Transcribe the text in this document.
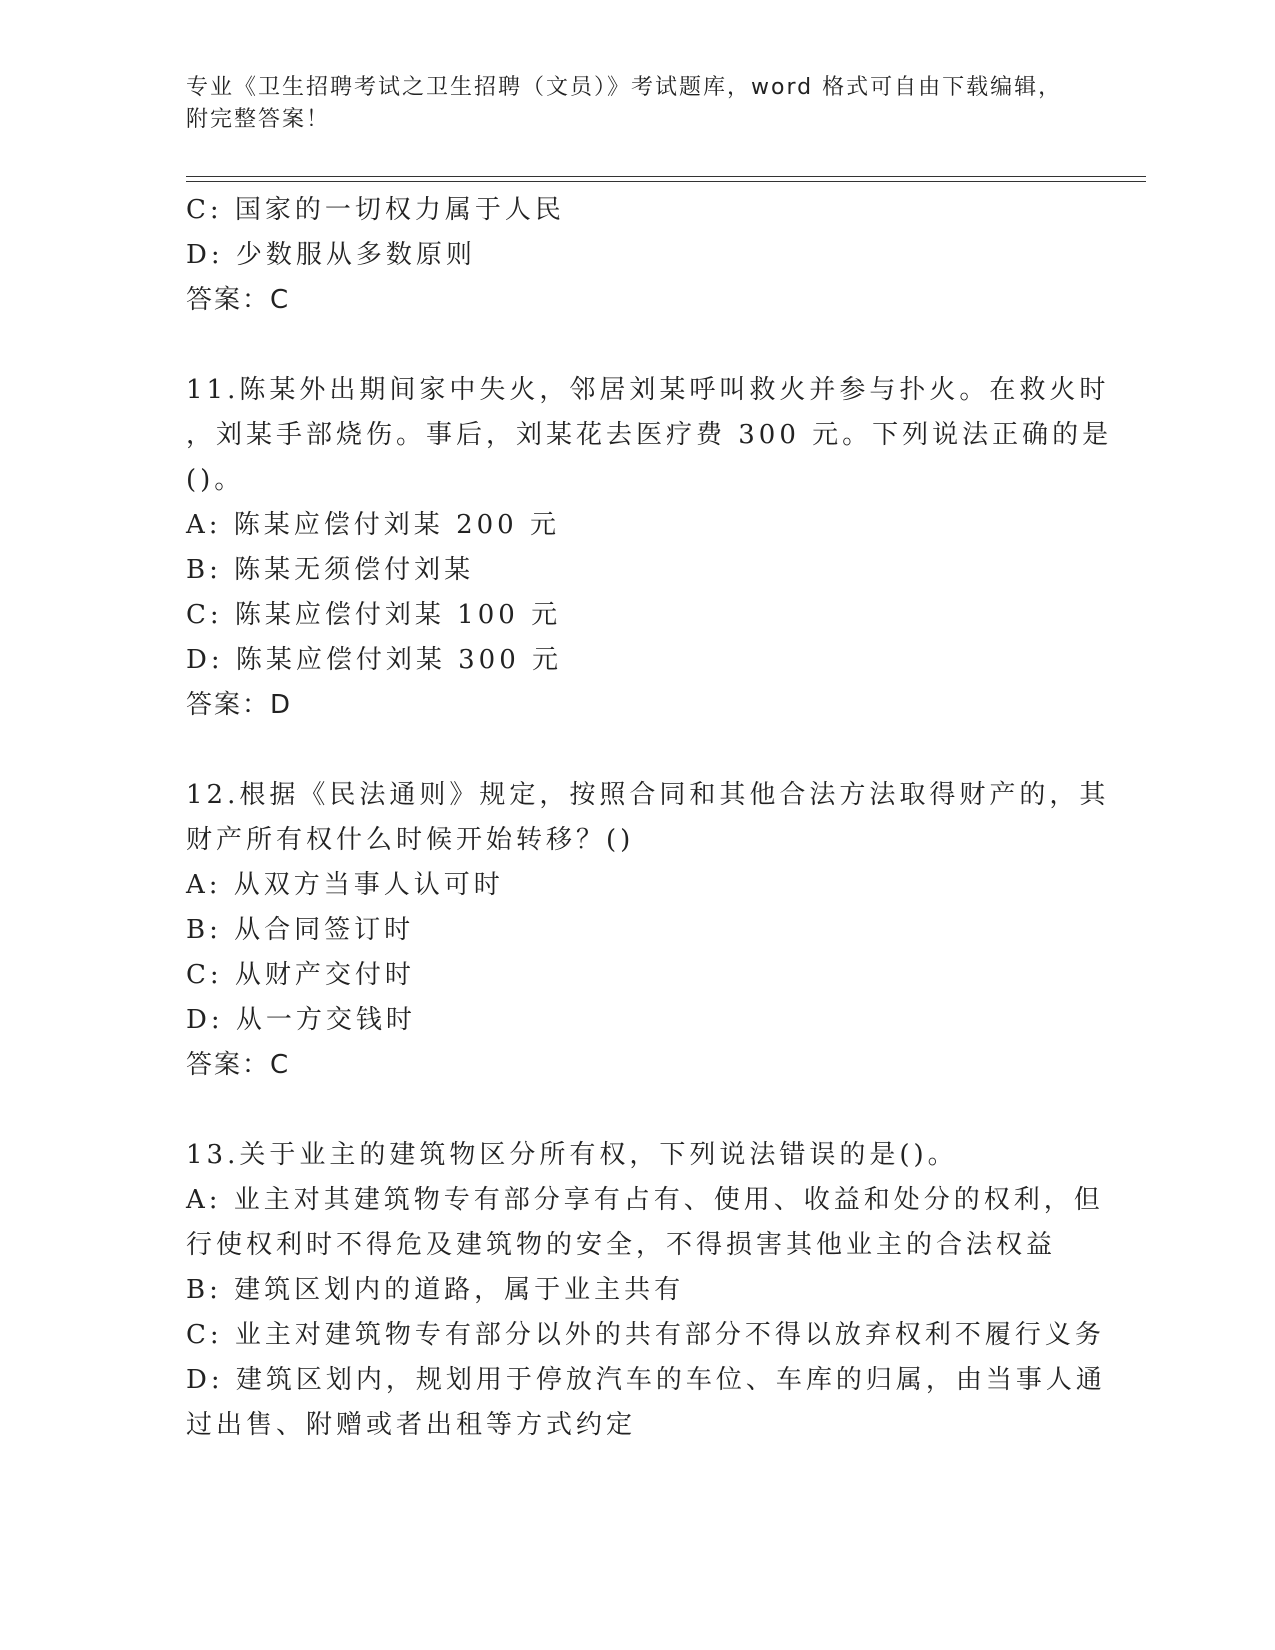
专业《卫生招聘考试之卫生招聘（文员）》考试题库，word 格式可自由下载编辑，附完整答案！
C: 国家的一切权力属于人民
D: 少数服从多数原则
答案：C
11.陈某外出期间家中失火，邻居刘某呼叫救火并参与扑火。在救火时
，刘某手部烧伤。事后，刘某花去医疗费 300 元。下列说法正确的是
()。
A: 陈某应偿付刘某 200 元
B: 陈某无须偿付刘某
C: 陈某应偿付刘某 100 元
D: 陈某应偿付刘某 300 元
答案：D
12.根据《民法通则》规定，按照合同和其他合法方法取得财产的，其
财产所有权什么时候开始转移？()
A: 从双方当事人认可时
B: 从合同签订时
C: 从财产交付时
D: 从一方交钱时
答案：C
13.关于业主的建筑物区分所有权，下列说法错误的是()。
A: 业主对其建筑物专有部分享有占有、使用、收益和处分的权利，但
行使权利时不得危及建筑物的安全，不得损害其他业主的合法权益
B: 建筑区划内的道路，属于业主共有
C: 业主对建筑物专有部分以外的共有部分不得以放弃权利不履行义务
D: 建筑区划内，规划用于停放汽车的车位、车库的归属，由当事人通
过出售、附赠或者出租等方式约定
